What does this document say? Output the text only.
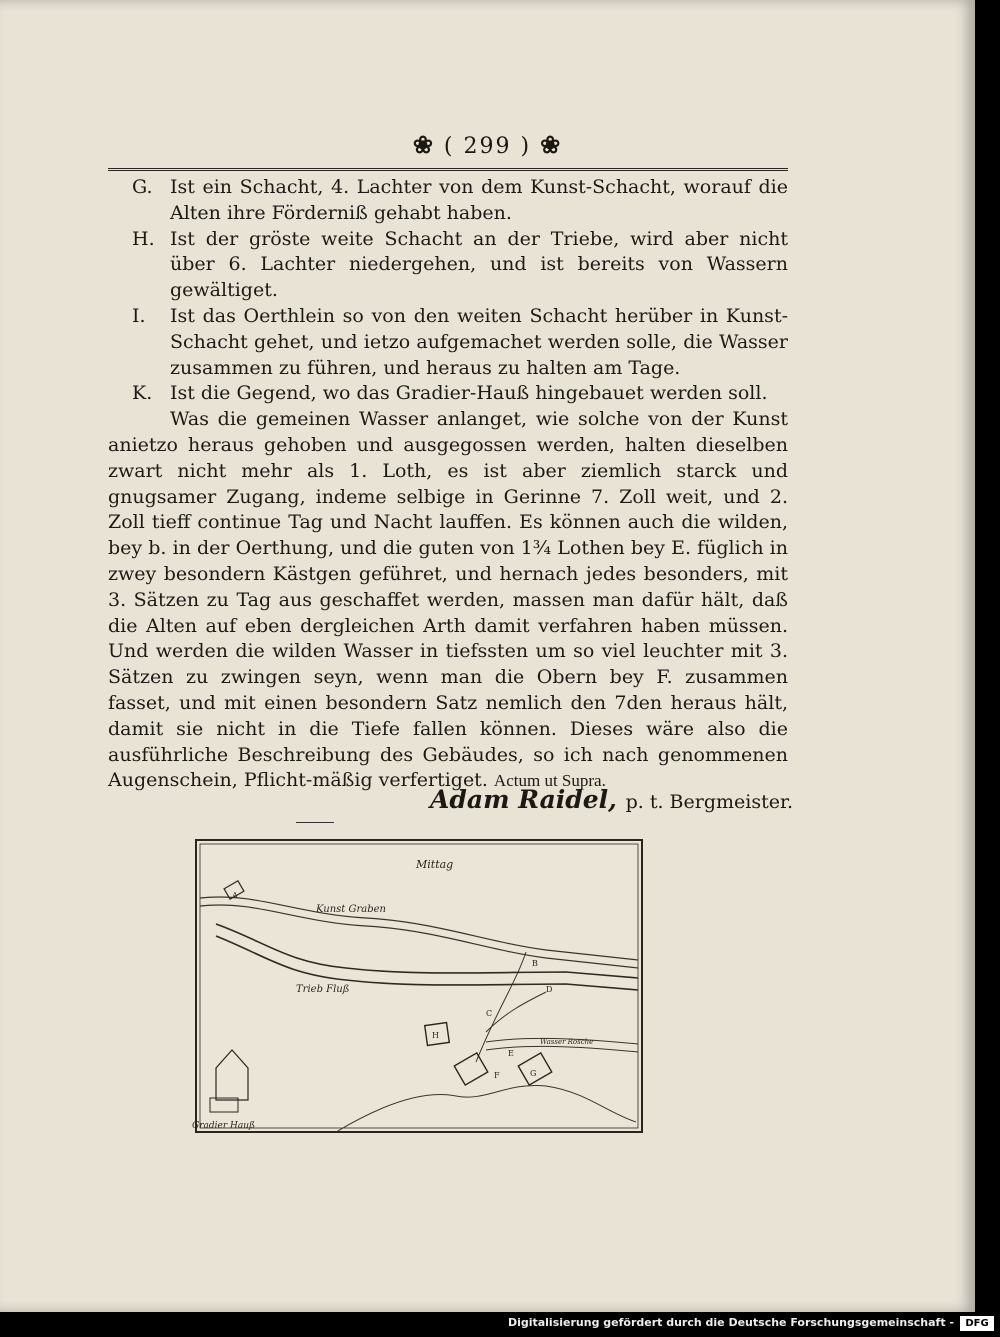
❀ ( 299 ) ❀
G. Ist ein Schacht, 4. Lachter von dem Kunst-Schacht, worauf die Alten ihre Förderniß gehabt haben.
H. Ist der gröste weite Schacht an der Triebe, wird aber nicht über 6. Lachter niedergehen, und ist bereits von Wassern gewältiget.
I.	Ist das Oerthlein so von den weiten Schacht herüber in Kunst-Schacht gehet, und ietzo aufgemachet werden solle, die Wasser zusammen zu führen, und heraus zu halten am Tage.
K. Ist die Gegend, wo das Gradier-Hauß hingebauet werden soll.

Was die gemeinen Wasser anlanget, wie solche von der Kunst anietzo heraus gehoben und ausgegossen werden, halten dieselben zwart nicht mehr als 1. Loth, es ist aber ziemlich starck und gnugsamer Zugang, indeme selbige in Gerinne 7. Zoll weit, und 2. Zoll tieff continue Tag und Nacht lauffen. Es können auch die wilden, bey b. in der Oerthung, und die guten von 1¾ Lothen bey E. füglich in zwey besondern Kästgen geführet, und hernach jedes besonders, mit 3. Sätzen zu Tag aus geschaffet werden, massen man dafür hält, daß die Alten auf eben dergleichen Arth damit verfahren haben müssen. Und werden die wilden Wasser in tiefssten um so viel leuchter mit 3. Sätzen zu zwingen seyn, wenn man die Obern bey F. zusammen fasset, und mit einen besondern Satz nemlich den 7den heraus hält, damit sie nicht in die Tiefe fallen können. Dieses wäre also die ausführliche Beschreibung des Gebäudes, so ich nach genommenen Augenschein, Pflicht-mäßig verfertiget. Actum ut Supra.

Adam Raidel, p. t. Bergmeister.
Mittag
Kunst Graben
Trieb Fluß
Wasser Rosche
Gradier Hauß
A
B
C
D
E
F	G
H
Digitalisierung gefördert durch die Deutsche Forschungsgemeinschaft -	DFG
